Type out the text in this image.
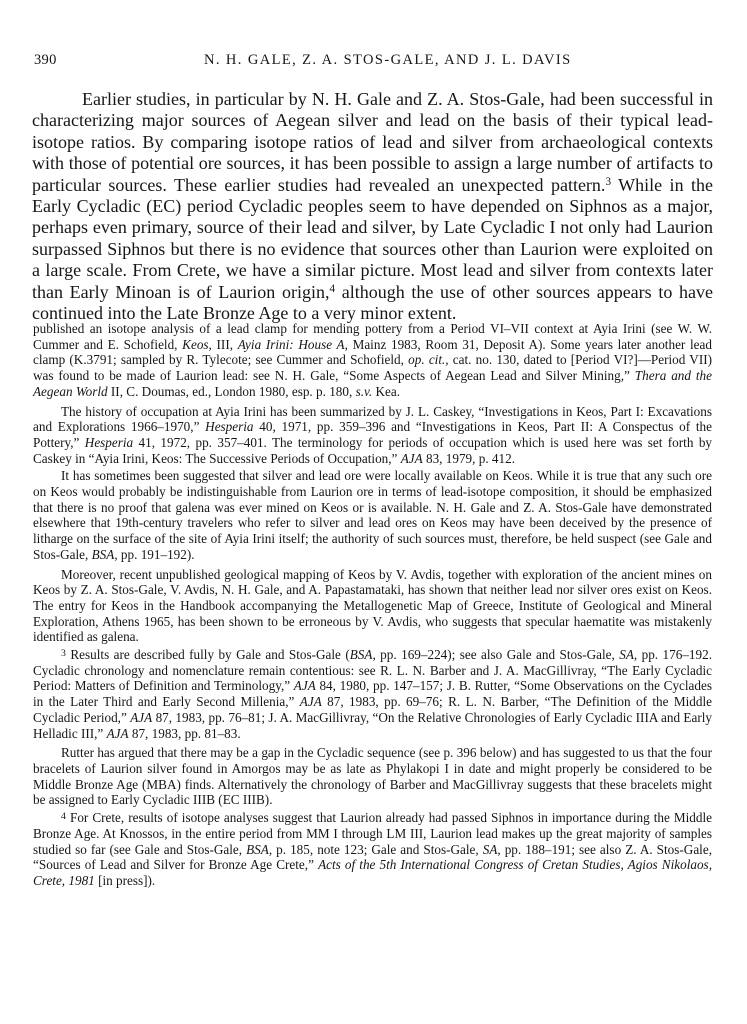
390	N. H. GALE, Z. A. STOS-GALE, AND J. L. DAVIS

Earlier studies, in particular by N. H. Gale and Z. A. Stos-Gale, had been successful in characterizing major sources of Aegean silver and lead on the basis of their typical lead-isotope ratios. By comparing isotope ratios of lead and silver from archaeological contexts with those of potential ore sources, it has been possible to assign a large number of artifacts to particular sources. These earlier studies had revealed an unexpected pattern.$^3$ While in the Early Cycladic (EC) period Cycladic peoples seem to have depended on Siphnos as a major, perhaps even primary, source of their lead and silver, by Late Cycladic I not only had Laurion surpassed Siphnos but there is no evidence that sources other than Laurion were exploited on a large scale. From Crete, we have a similar picture. Most lead and silver from contexts later than Early Minoan is of Laurion origin,$^4$ although the use of other sources appears to have continued into the Late Bronze Age to a very minor extent.

published an isotope analysis of a lead clamp for mending pottery from a Period VI–VII context at Ayia Irini (see W. W. Cummer and E. Schofield, Keos, III, Ayia Irini: House A, Mainz 1983, Room 31, Deposit A). Some years later another lead clamp (K.3791; sampled by R. Tylecote; see Cummer and Schofield, op. cit., cat. no. 130, dated to [Period VI?]—Period VII) was found to be made of Laurion lead: see N. H. Gale, “Some Aspects of Aegean Lead and Silver Mining,” Thera and the Aegean World II, C. Doumas, ed., London 1980, esp. p. 180, s.v. Kea.

The history of occupation at Ayia Irini has been summarized by J. L. Caskey, “Investigations in Keos, Part I: Excavations and Explorations 1966–1970,” Hesperia 40, 1971, pp. 359–396 and “Investigations in Keos, Part II: A Conspectus of the Pottery,” Hesperia 41, 1972, pp. 357–401. The terminology for periods of occupation which is used here was set forth by Caskey in “Ayia Irini, Keos: The Successive Periods of Occupation,” AJA 83, 1979, p. 412.

It has sometimes been suggested that silver and lead ore were locally available on Keos. While it is true that any such ore on Keos would probably be indistinguishable from Laurion ore in terms of lead-isotope composition, it should be emphasized that there is no proof that galena was ever mined on Keos or is available. N. H. Gale and Z. A. Stos-Gale have demonstrated elsewhere that 19th-century travelers who refer to silver and lead ores on Keos may have been deceived by the presence of litharge on the surface of the site of Ayia Irini itself; the authority of such sources must, therefore, be held suspect (see Gale and Stos-Gale, BSA, pp. 191–192).

Moreover, recent unpublished geological mapping of Keos by V. Avdis, together with exploration of the ancient mines on Keos by Z. A. Stos-Gale, V. Avdis, N. H. Gale, and A. Papastamataki, has shown that neither lead nor silver ores exist on Keos. The entry for Keos in the Handbook accompanying the Metallogenetic Map of Greece, Institute of Geological and Mineral Exploration, Athens 1965, has been shown to be erroneous by V. Avdis, who suggests that specular haematite was mistakenly identified as galena.

$^3$ Results are described fully by Gale and Stos-Gale (BSA, pp. 169–224); see also Gale and Stos-Gale, SA, pp. 176–192. Cycladic chronology and nomenclature remain contentious: see R. L. N. Barber and J. A. MacGillivray, “The Early Cycladic Period: Matters of Definition and Terminology,” AJA 84, 1980, pp. 147–157; J. B. Rutter, “Some Observations on the Cyclades in the Later Third and Early Second Millenia,” AJA 87, 1983, pp. 69–76; R. L. N. Barber, “The Definition of the Middle Cycladic Period,” AJA 87, 1983, pp. 76–81; J. A. MacGillivray, “On the Relative Chronologies of Early Cycladic IIIA and Early Helladic III,” AJA 87, 1983, pp. 81–83.

Rutter has argued that there may be a gap in the Cycladic sequence (see p. 396 below) and has suggested to us that the four bracelets of Laurion silver found in Amorgos may be as late as Phylakopi I in date and might properly be considered to be Middle Bronze Age (MBA) finds. Alternatively the chronology of Barber and MacGillivray suggests that these bracelets might be assigned to Early Cycladic IIIB (EC IIIB).

$^4$ For Crete, results of isotope analyses suggest that Laurion already had passed Siphnos in importance during the Middle Bronze Age. At Knossos, in the entire period from MM I through LM III, Laurion lead makes up the great majority of samples studied so far (see Gale and Stos-Gale, BSA, p. 185, note 123; Gale and Stos-Gale, SA, pp. 188–191; see also Z. A. Stos-Gale, “Sources of Lead and Silver for Bronze Age Crete,” Acts of the 5th International Congress of Cretan Studies, Agios Nikolaos, Crete, 1981 [in press]).
